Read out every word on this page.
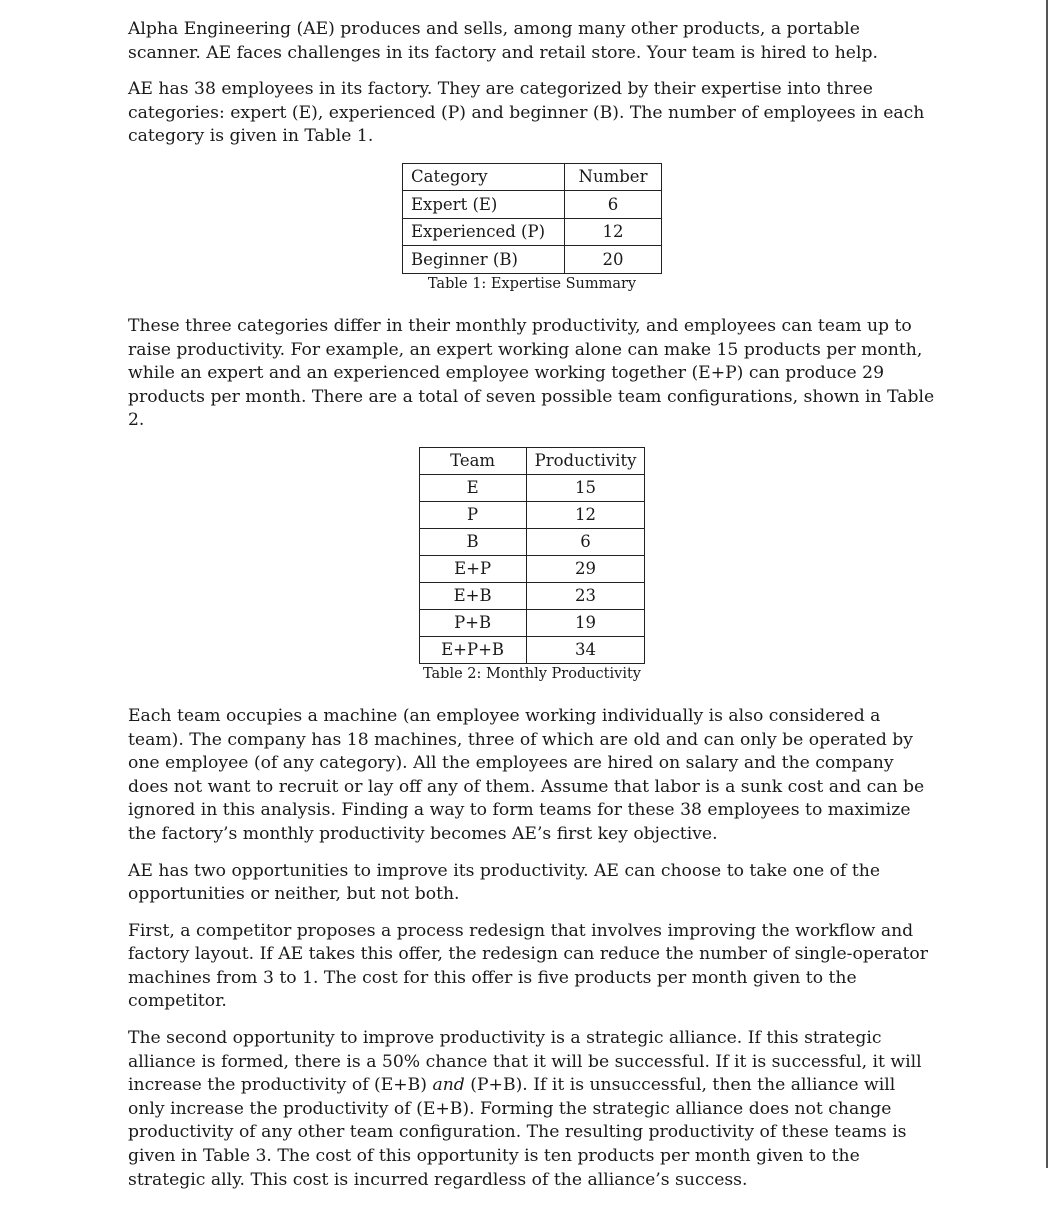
Alpha Engineering (AE) produces and sells, among many other products, a portable scanner. AE faces challenges in its factory and retail store. Your team is hired to help.

AE has 38 employees in its factory. They are categorized by their expertise into three categories: expert (E), experienced (P) and beginner (B). The number of employees in each category is given in Table 1.

Category	Number
Expert (E)	6
Experienced (P)	12
Beginner (B)	20
Table 1: Expertise Summary

These three categories differ in their monthly productivity, and employees can team up to raise productivity. For example, an expert working alone can make 15 products per month, while an expert and an experienced employee working together (E+P) can produce 29 products per month. There are a total of seven possible team configurations, shown in Table 2.

Team	Productivity
E	15
P	12
B	6
E+P	29
E+B	23
P+B	19
E+P+B	34
Table 2: Monthly Productivity

Each team occupies a machine (an employee working individually is also considered a team). The company has 18 machines, three of which are old and can only be operated by one employee (of any category). All the employees are hired on salary and the company does not want to recruit or lay off any of them. Assume that labor is a sunk cost and can be ignored in this analysis. Finding a way to form teams for these 38 employees to maximize the factory’s monthly productivity becomes AE’s first key objective.

AE has two opportunities to improve its productivity. AE can choose to take one of the opportunities or neither, but not both.

First, a competitor proposes a process redesign that involves improving the workflow and factory layout. If AE takes this offer, the redesign can reduce the number of single-operator machines from 3 to 1. The cost for this offer is five products per month given to the competitor.

The second opportunity to improve productivity is a strategic alliance. If this strategic alliance is formed, there is a 50% chance that it will be successful. If it is successful, it will increase the productivity of (E+B) and (P+B). If it is unsuccessful, then the alliance will only increase the productivity of (E+B). Forming the strategic alliance does not change productivity of any other team configuration. The resulting productivity of these teams is given in Table 3. The cost of this opportunity is ten products per month given to the strategic ally. This cost is incurred regardless of the alliance’s success.
